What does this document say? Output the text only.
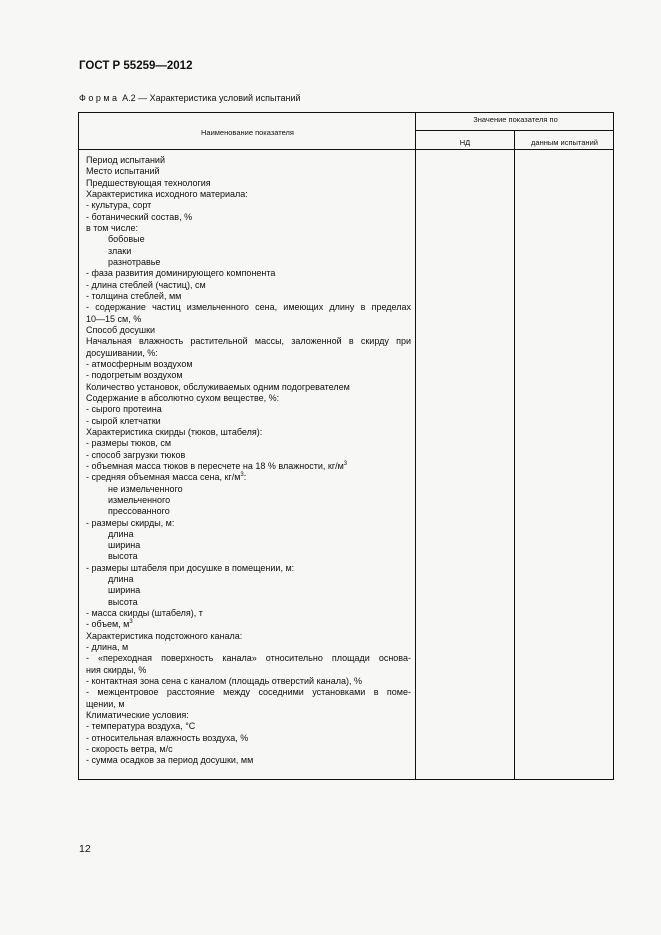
ГОСТ Р 55259—2012
Форма А.2 — Характеристика условий испытаний
Наименование показателя
Значение показателя по
НД	данным испытаний
Период испытаний
Место испытаний
Предшествующая технология
Характеристика исходного материала:
- культура, сорт
- ботанический состав, %
в том числе:
бобовые
злаки
разнотравье
- фаза развития доминирующего компонента
- длина стеблей (частиц), см
- толщина стеблей, мм
- содержание частиц измельченного сена, имеющих длину в пределах
10—15 см, %
Способ досушки
Начальная влажность растительной массы, заложенной в скирду при
досушивании, %:
- атмосферным воздухом
- подогретым воздухом
Количество установок, обслуживаемых одним подогревателем
Содержание в абсолютно сухом веществе, %:
- сырого протеина
- сырой клетчатки
Характеристика скирды (тюков, штабеля):
- размеры тюков, см
- способ загрузки тюков
- объемная масса тюков в пересчете на 18 % влажности, $кг/м^3$
- средняя объемная масса сена, $кг/м^3$:
не измельченного
измельченного
прессованного
- размеры скирды, м:
длина
ширина
высота
- размеры штабеля при досушке в помещении, м:
длина
ширина
высота
- масса скирды (штабеля), т
- объем, $м^3$
Характеристика подстожного канала:
- длина, м
- «переходная поверхность канала» относительно площади основа-
ния скирды, %
- контактная зона сена с каналом (площадь отверстий канала), %
- межцентровое расстояние между соседними установками в поме-
щении, м
Климатические условия:
- температура воздуха, °С
- относительная влажность воздуха, %
- скорость ветра, м/с
- сумма осадков за период досушки, мм
12
